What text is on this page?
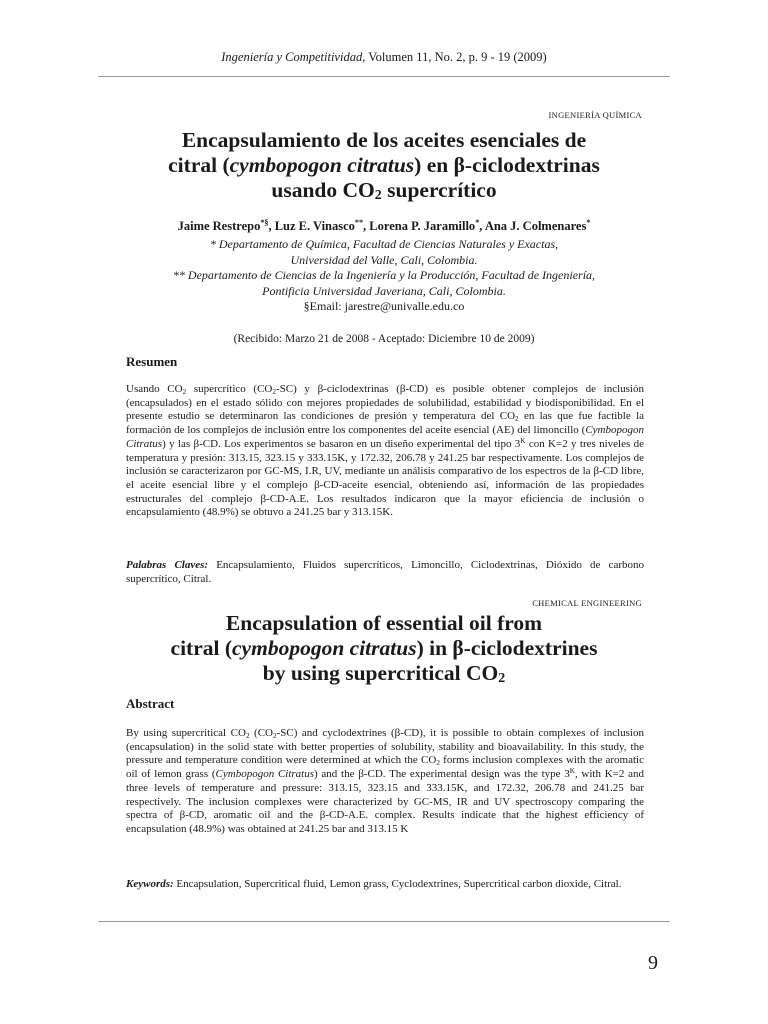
Ingeniería y Competitividad, Volumen 11, No. 2, p. 9 - 19 (2009)
INGENIERÍA QUÍMICA
Encapsulamiento de los aceites esenciales de
citral (cymbopogon citratus) en β-ciclodextrinas
usando $CO_2$ supercrítico
Jaime Restrepo*§, Luz E. Vinasco**, Lorena P. Jaramillo*, Ana J. Colmenares*
* Departamento de Química, Facultad de Ciencias Naturales y Exactas,
Universidad del Valle, Cali, Colombia.
** Departamento de Ciencias de la Ingeniería y la Producción, Facultad de Ingeniería,
Pontificia Universidad Javeriana, Cali, Colombia.
§Email: jarestre@univalle.edu.co
(Recibido: Marzo 21 de 2008 - Aceptado: Diciembre 10 de 2009)
Resumen
Usando $CO_2$ supercrítico $(CO_2-SC)$ y β-ciclodextrinas (β-CD) es posible obtener complejos de inclusión (encapsulados) en el estado sólido con mejores propiedades de solubilidad, estabilidad y biodisponibilidad. En el presente estudio se determinaron las condiciones de presión y temperatura del $CO_2$ en las que fue factible la formación de los complejos de inclusión entre los componentes del aceite esencial (AE) del limoncillo (Cymbopogon Citratus) y las β-CD. Los experimentos se basaron en un diseño experimental del tipo $3^K$ con K=2 y tres niveles de temperatura y presión: 313.15, 323.15 y 333.15K, y 172.32, 206.78 y 241.25 bar respectivamente. Los complejos de inclusión se caracterizaron por GC-MS, I.R, UV, mediante un análisis comparativo de los espectros de la β-CD libre, el aceite esencial libre y el complejo β-CD-aceite esencial, obteniendo así, información de las propiedades estructurales del complejo β-CD-A.E. Los resultados indicaron que la mayor eficiencia de inclusión o encapsulamiento (48.9%) se obtuvo a 241.25 bar y 313.15K.
Palabras Claves: Encapsulamiento, Fluidos supercríticos, Limoncillo, Ciclodextrinas, Dióxido de carbono supercrítico, Citral.
CHEMICAL ENGINEERING
Encapsulation of essential oil from
citral (cymbopogon citratus) in β-ciclodextrines
by using supercritical $CO_2$
Abstract
By using supercritical $CO_2$ $(CO_2-SC)$ and cyclodextrines (β-CD), it is possible to obtain complexes of inclusion (encapsulation) in the solid state with better properties of solubility, stability and bioavailability. In this study, the pressure and temperature condition were determined at which the $CO_2$ forms inclusion complexes with the aromatic oil of lemon grass (Cymbopogon Citratus) and the β-CD. The experimental design was the type $3^K$, with K=2 and three levels of temperature and pressure: 313.15, 323.15 and 333.15K, and 172.32, 206.78 and 241.25 bar respectively. The inclusion complexes were characterized by GC-MS, IR and UV spectroscopy comparing the spectra of β-CD, aromatic oil and the β-CD-A.E. complex. Results indicate that the highest efficiency of encapsulation (48.9%) was obtained at 241.25 bar and 313.15 K
Keywords: Encapsulation, Supercritical fluid, Lemon grass, Cyclodextrines, Supercritical carbon dioxide, Citral.
9
